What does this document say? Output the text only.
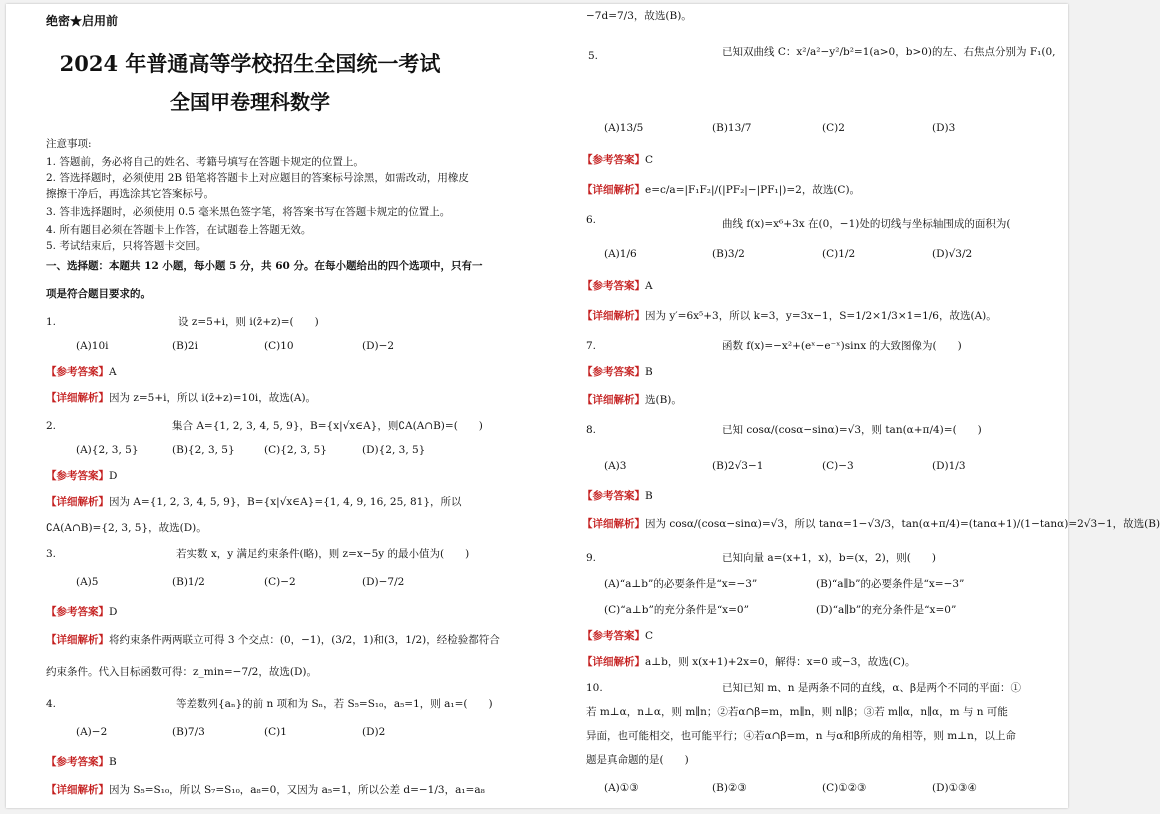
绝密★启用前
2024 年普通高等学校招生全国统一考试
全国甲卷理科数学
注意事项:
1. 答题前，务必将自己的姓名、考籍号填写在答题卡规定的位置上。
2. 答选择题时，必须使用 2B 铅笔将答题卡上对应题目的答案标号涂黑，如需改动，用橡皮
擦擦干净后，再选涂其它答案标号。
3. 答非选择题时，必须使用 0.5 毫米黑色签字笔，将答案书写在答题卡规定的位置上。
4. 所有题目必须在答题卡上作答，在试题卷上答题无效。
5. 考试结束后，只将答题卡交回。
一、选择题：本题共 12 小题，每小题 5 分，共 60 分。在每小题给出的四个选项中，只有一
项是符合题目要求的。
1.	设 z=5+i，则 i(z̄+z)=(　　)
(A)10i	(B)2i	(C)10	(D)−2
【参考答案】A
【详细解析】因为 z=5+i，所以 i(z̄+z)=10i，故选(A)。
2.	集合 A={1, 2, 3, 4, 5, 9}，B={x|√x∈A}，则∁A(A∩B)=(　　)
(A){2, 3, 5}	(B){2, 3, 5}	(C){2, 3, 5}	(D){2, 3, 5}
【参考答案】D
【详细解析】因为 A={1, 2, 3, 4, 5, 9}，B={x|√x∈A}={1, 4, 9, 16, 25, 81}，所以
∁A(A∩B)={2, 3, 5}，故选(D)。
3.	若实数 x，y 满足约束条件(略)，则 z=x−5y 的最小值为(　　)
(A)5	(B)1/2	(C)−2	(D)−7/2
【参考答案】D
【详细解析】将约束条件两两联立可得 3 个交点：(0，−1)，(3/2，1)和(3，1/2)，经检验都符合
约束条件。代入目标函数可得：z_min=−7/2，故选(D)。
4.	等差数列{aₙ}的前 n 项和为 Sₙ，若 S₅=S₁₀，a₅=1，则 a₁=(　　)
(A)−2	(B)7/3	(C)1	(D)2
【参考答案】B
【详细解析】因为 S₅=S₁₀，所以 S₇=S₁₀，a₈=0，又因为 a₅=1，所以公差 d=−1/3，a₁=a₈
−7d=7/3，故选(B)。
5.	已知双曲线 C：x²/a²−y²/b²=1(a>0，b>0)的左、右焦点分别为 F₁(0,
(A)13/5	(B)13/7	(C)2	(D)3
【参考答案】C
【详细解析】e=c/a=|F₁F₂|/(|PF₂|−|PF₁|)=2，故选(C)。
6.	曲线 f(x)=x⁶+3x 在(0，−1)处的切线与坐标轴围成的面积为(
(A)1/6	(B)3/2	(C)1/2	(D)√3/2
【参考答案】A
【详细解析】因为 y′=6x⁵+3，所以 k=3，y=3x−1，S=1/2×1/3×1=1/6，故选(A)。
7.	函数 f(x)=−x²+(eˣ−e⁻ˣ)sinx 的大致图像为(　　)
【参考答案】B
【详细解析】选(B)。
8.	已知 cosα/(cosα−sinα)=√3，则 tan(α+π/4)=(　　)
(A)3	(B)2√3−1	(C)−3	(D)1/3
【参考答案】B
【详细解析】因为 cosα/(cosα−sinα)=√3，所以 tanα=1−√3/3，tan(α+π/4)=(tanα+1)/(1−tanα)=2√3−1，故选(B)
9.	已知向量 a=(x+1，x)，b=(x，2)，则(　　)
(A)“a⊥b”的必要条件是“x=−3”	(B)“a∥b”的必要条件是“x=−3”
(C)“a⊥b”的充分条件是“x=0”	(D)“a∥b”的充分条件是“x=0”
【参考答案】C
【详细解析】a⊥b，则 x(x+1)+2x=0，解得：x=0 或−3，故选(C)。
10.	已知已知 m、n 是两条不同的直线，α、β是两个不同的平面：①
若 m⊥α，n⊥α，则 m∥n；②若α∩β=m，m∥n，则 n∥β；③若 m∥α，n∥α，m 与 n 可能
异面，也可能相交，也可能平行；④若α∩β=m，n 与α和β所成的角相等，则 m⊥n，以上命
题是真命题的是(　　)
(A)①③	(B)②③	(C)①②③	(D)①③④
